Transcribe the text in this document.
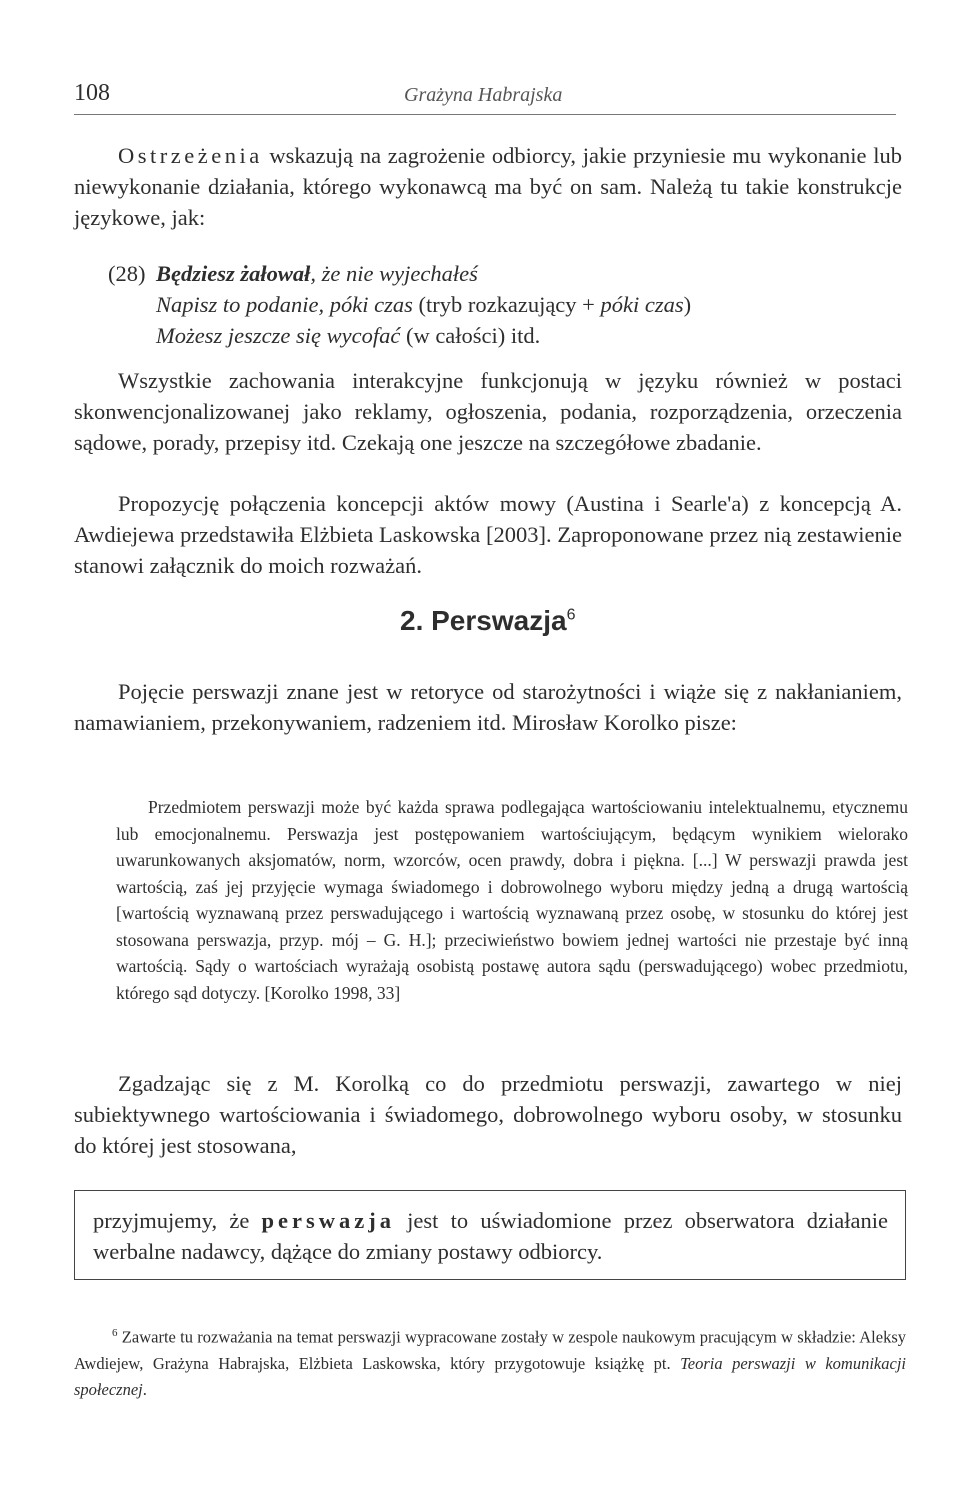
108	Grażyna Habrajska

Ostrzeżenia wskazują na zagrożenie odbiorcy, jakie przyniesie mu wykonanie lub niewykonanie działania, którego wykonawcą ma być on sam. Należą tu takie konstrukcje językowe, jak:

(28) Będziesz żałował, że nie wyjechałeś
Napisz to podanie, póki czas (tryb rozkazujący + póki czas)
Możesz jeszcze się wycofać (w całości) itd.

Wszystkie zachowania interakcyjne funkcjonują w języku również w postaci skonwencjonalizowanej jako reklamy, ogłoszenia, podania, rozporządzenia, orzeczenia sądowe, porady, przepisy itd. Czekają one jeszcze na szczegółowe zbadanie.

Propozycję połączenia koncepcji aktów mowy (Austina i Searle'a) z koncepcją A. Awdiejewa przedstawiła Elżbieta Laskowska [2003]. Zaproponowane przez nią zestawienie stanowi załącznik do moich rozważań.

2. Perswazja$^6$

Pojęcie perswazji znane jest w retoryce od starożytności i wiąże się z nakłanianiem, namawianiem, przekonywaniem, radzeniem itd. Mirosław Korolko pisze:

Przedmiotem perswazji może być każda sprawa podlegająca wartościowaniu intelektualnemu, etycznemu lub emocjonalnemu. Perswazja jest postępowaniem wartościującym, będącym wynikiem wielorako uwarunkowanych aksjomatów, norm, wzorców, ocen prawdy, dobra i piękna. [...] W perswazji prawda jest wartością, zaś jej przyjęcie wymaga świadomego i dobrowolnego wyboru między jedną a drugą wartością [wartością wyznawaną przez perswadującego i wartością wyznawaną przez osobę, w stosunku do której jest stosowana perswazja, przyp. mój – G. H.]; przeciwieństwo bowiem jednej wartości nie przestaje być inną wartością. Sądy o wartościach wyrażają osobistą postawę autora sądu (perswadującego) wobec przedmiotu, którego sąd dotyczy. [Korolko 1998, 33]

Zgadzając się z M. Korolką co do przedmiotu perswazji, zawartego w niej subiektywnego wartościowania i świadomego, dobrowolnego wyboru osoby, w stosunku do której jest stosowana,

przyjmujemy, że perswazja jest to uświadomione przez obserwatora działanie werbalne nadawcy, dążące do zmiany postawy odbiorcy.

$^6$ Zawarte tu rozważania na temat perswazji wypracowane zostały w zespole naukowym pracującym w składzie: Aleksy Awdiejew, Grażyna Habrajska, Elżbieta Laskowska, który przygotowuje książkę pt. Teoria perswazji w komunikacji społecznej.
